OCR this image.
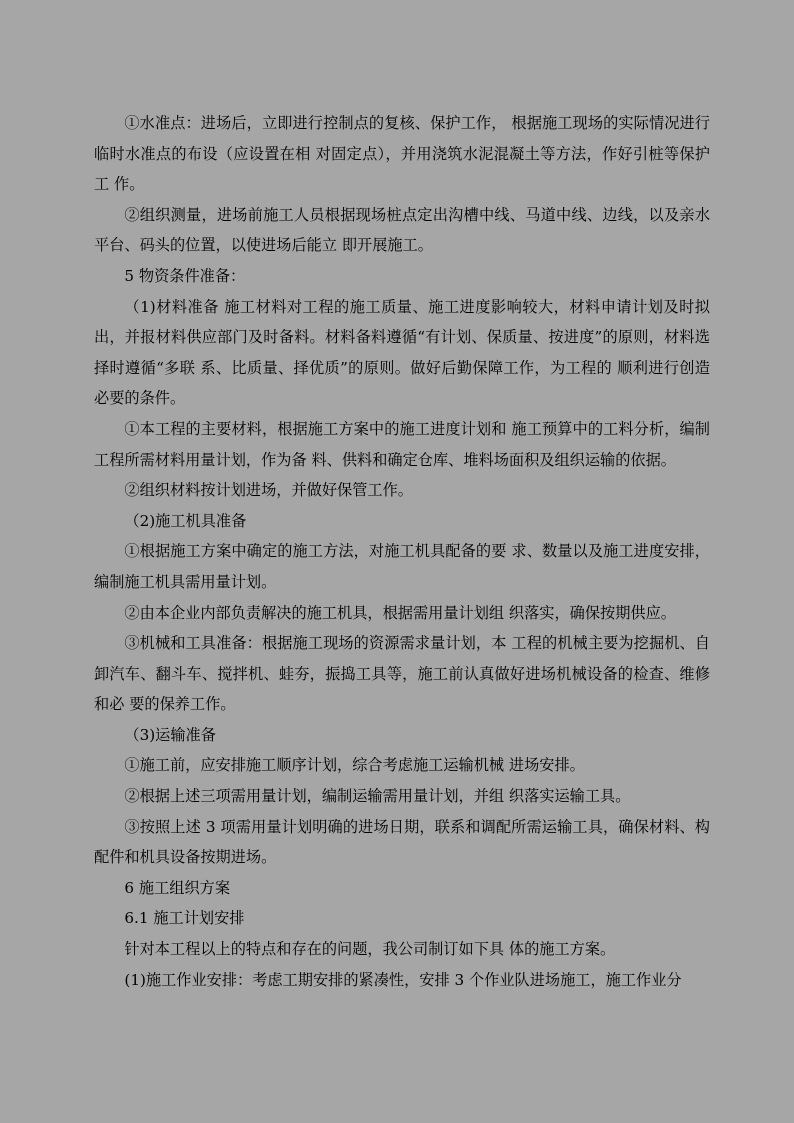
①水准点：进场后，立即进行控制点的复核、保护工作， 根据施工现场的实际情况进行临时水准点的布设（应设置在相 对固定点），并用浇筑水泥混凝土等方法，作好引桩等保护工 作。

②组织测量，进场前施工人员根据现场桩点定出沟槽中线、马道中线、边线，以及亲水平台、码头的位置，以使进场后能立 即开展施工。

5 物资条件准备：

（1)材料准备 施工材料对工程的施工质量、施工进度影响较大，材料申请计划及时拟出，并报材料供应部门及时备料。材料备料遵循“有计划、保质量、按进度”的原则，材料选择时遵循“多联 系、比质量、择优质”的原则。做好后勤保障工作，为工程的 顺利进行创造必要的条件。

①本工程的主要材料，根据施工方案中的施工进度计划和 施工预算中的工料分析，编制工程所需材料用量计划，作为备 料、供料和确定仓库、堆料场面积及组织运输的依据。

②组织材料按计划进场，并做好保管工作。

（2)施工机具准备

①根据施工方案中确定的施工方法，对施工机具配备的要 求、数量以及施工进度安排，编制施工机具需用量计划。

②由本企业内部负责解决的施工机具，根据需用量计划组 织落实，确保按期供应。

③机械和工具准备：根据施工现场的资源需求量计划，本 工程的机械主要为挖掘机、自卸汽车、翻斗车、搅拌机、蛙夯，振捣工具等，施工前认真做好进场机械设备的检查、维修和必 要的保养工作。

（3)运输准备

①施工前，应安排施工顺序计划，综合考虑施工运输机械 进场安排。

②根据上述三项需用量计划，编制运输需用量计划，并组 织落实运输工具。

③按照上述 3 项需用量计划明确的进场日期，联系和调配所需运输工具，确保材料、构配件和机具设备按期进场。

6 施工组织方案

6.1 施工计划安排

针对本工程以上的特点和存在的问题，我公司制订如下具 体的施工方案。

(1)施工作业安排：考虑工期安排的紧凑性，安排 3 个作业队进场施工，施工作业分
